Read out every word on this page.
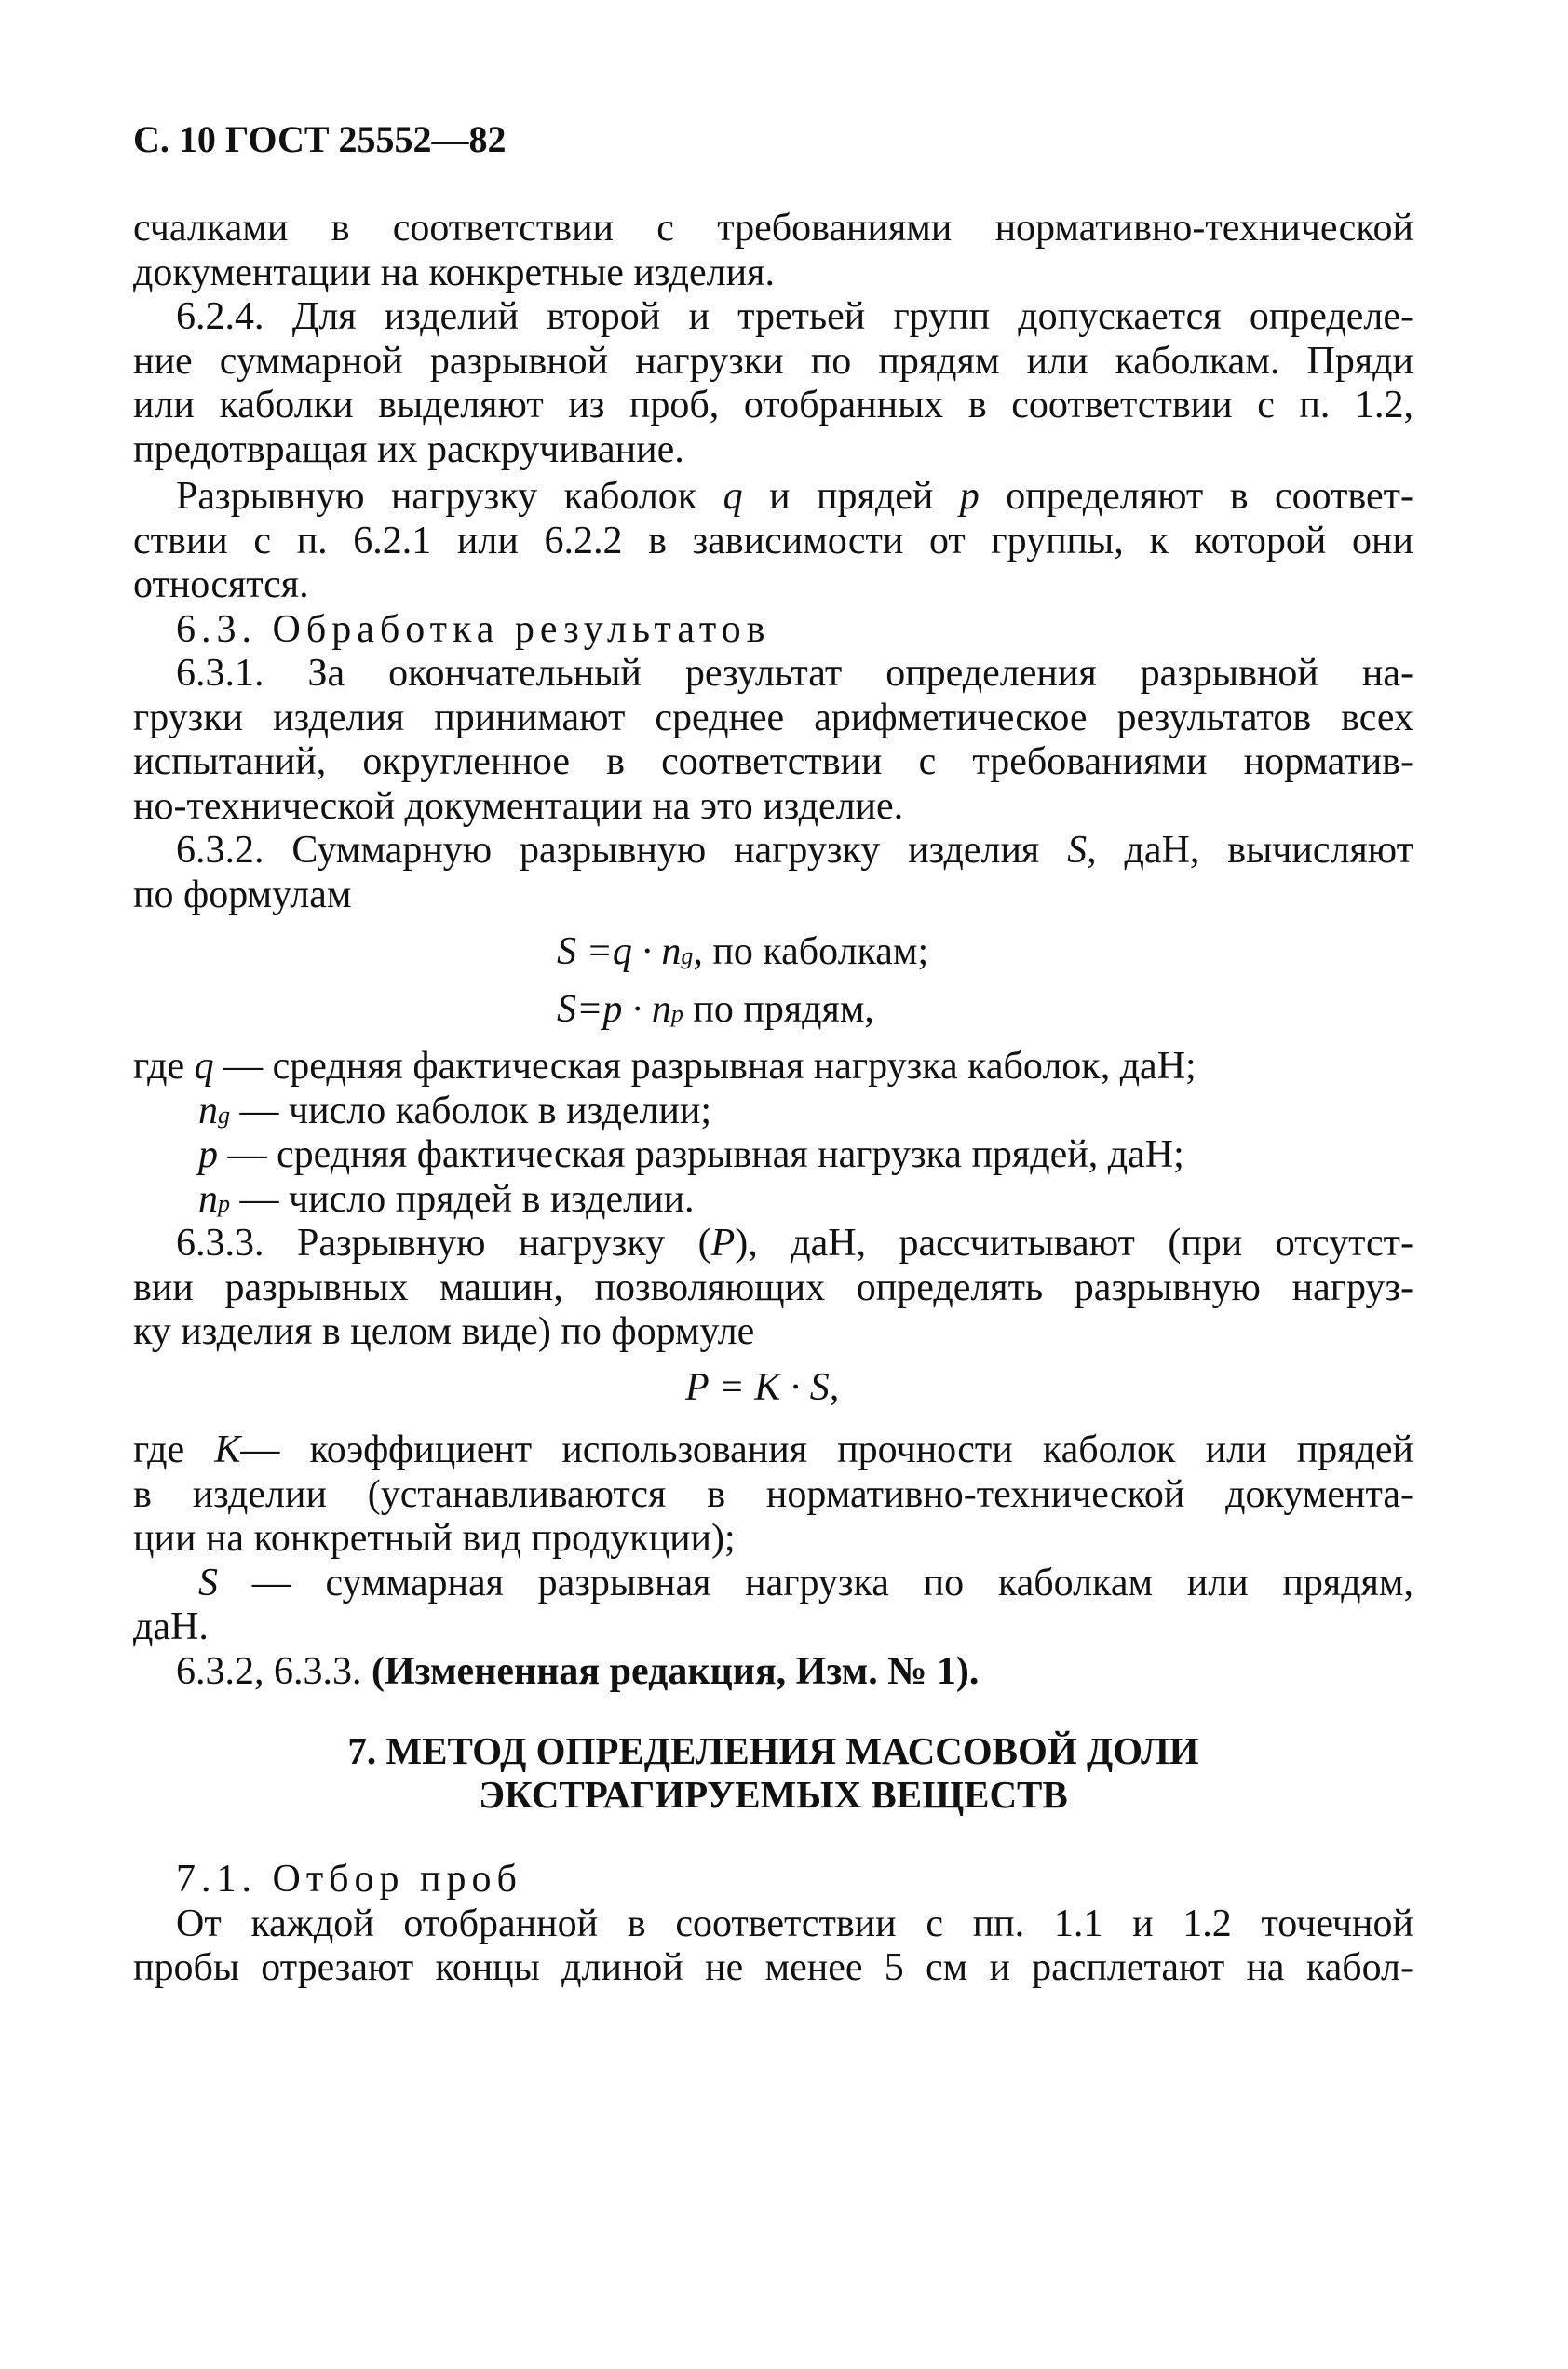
С. 10 ГОСТ 25552—82

счалками в соответствии с требованиями нормативно-технической

документации на конкретные изделия.

6.2.4. Для изделий второй и третьей групп допускается определе-

ние суммарной разрывной нагрузки по прядям или каболкам. Пряди

или каболки выделяют из проб, отобранных в соответствии с п. 1.2,

предотвращая их раскручивание.

Разрывную нагрузку каболок q и прядей p определяют в соответ-

ствии с п. 6.2.1 или 6.2.2 в зависимости от группы, к которой они

относятся.

6.3. Обработка результатов

6.3.1. За окончательный результат определения разрывной на-

грузки изделия принимают среднее арифметическое результатов всех

испытаний, округленное в соответствии с требованиями норматив-

но-технической документации на это изделие.

6.3.2. Суммарную разрывную нагрузку изделия S, даН, вычисляют

по формулам

$S =q \cdot n_g$, по каболкам;

$S=p \cdot n_p$ по прядям,

где q — средняя фактическая разрывная нагрузка каболок, даН;

$n_g$ — число каболок в изделии;

p — средняя фактическая разрывная нагрузка прядей, даН;

$n_p$ — число прядей в изделии.

6.3.3. Разрывную нагрузку (P), даН, рассчитывают (при отсутст-

вии разрывных машин, позволяющих определять разрывную нагруз-

ку изделия в целом виде) по формуле

P = K · S,

где K— коэффициент использования прочности каболок или прядей

в изделии (устанавливаются в нормативно-технической документа-

ции на конкретный вид продукции);

S — суммарная разрывная нагрузка по каболкам или прядям,

даН.

6.3.2, 6.3.3. (Измененная редакция, Изм. № 1).

7. МЕТОД ОПРЕДЕЛЕНИЯ МАССОВОЙ ДОЛИ
ЭКСТРАГИРУЕМЫХ ВЕЩЕСТВ

7.1. Отбор проб

От каждой отобранной в соответствии с пп. 1.1 и 1.2 точечной

пробы отрезают концы длиной не менее 5 см и расплетают на кабол-
